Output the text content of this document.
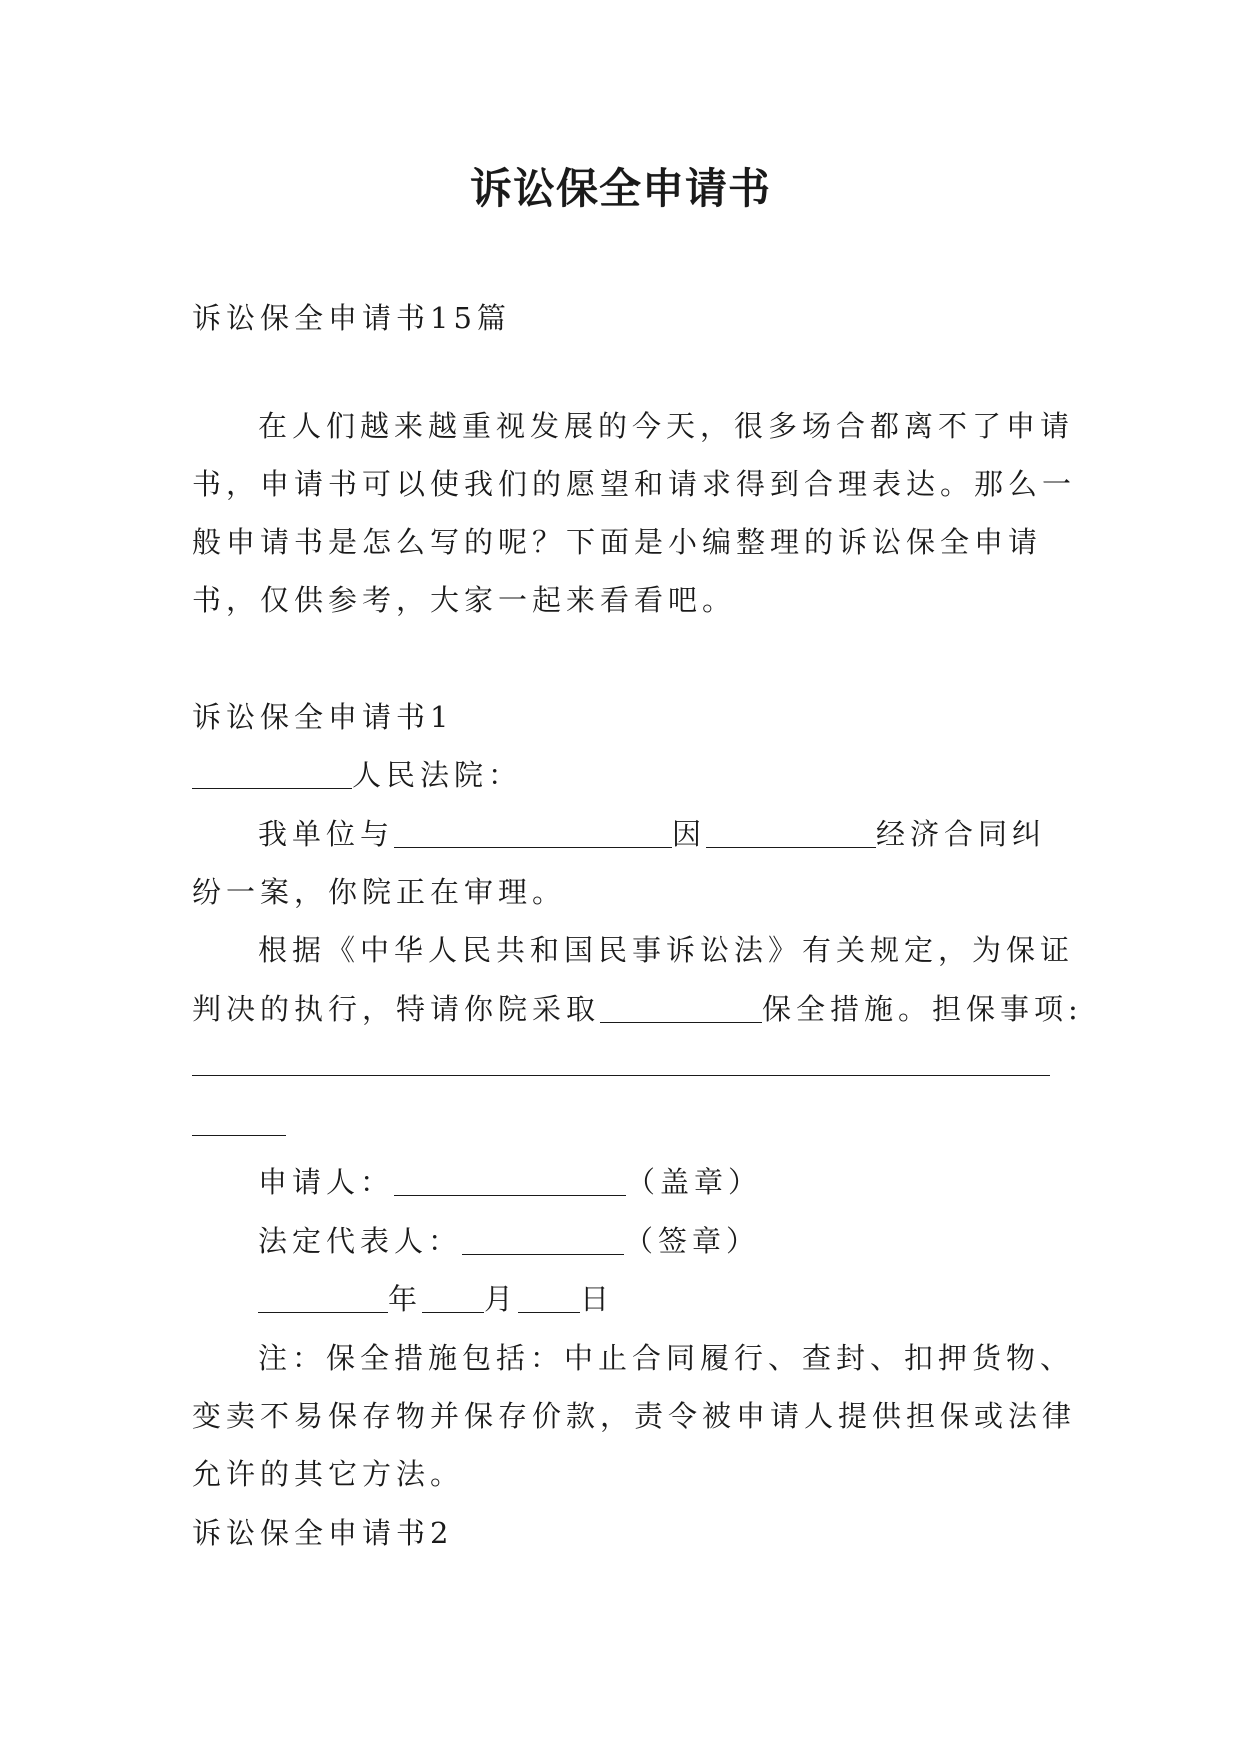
诉讼保全申请书
诉讼保全申请书15篇
在人们越来越重视发展的今天，很多场合都离不了申请
书，申请书可以使我们的愿望和请求得到合理表达。那么一
般申请书是怎么写的呢？下面是小编整理的诉讼保全申请
书，仅供参考，大家一起来看看吧。
诉讼保全申请书1
人民法院：
我单位与	因	经济合同纠
纷一案，你院正在审理。
根据《中华人民共和国民事诉讼法》有关规定，为保证
判决的执行，特请你院采取	保全措施。担保事项:
申请人：	（盖章）
法定代表人：	（签章）
年 月 日
注：保全措施包括：中止合同履行、查封、扣押货物、
变卖不易保存物并保存价款，责令被申请人提供担保或法律
允许的其它方法。
诉讼保全申请书2
